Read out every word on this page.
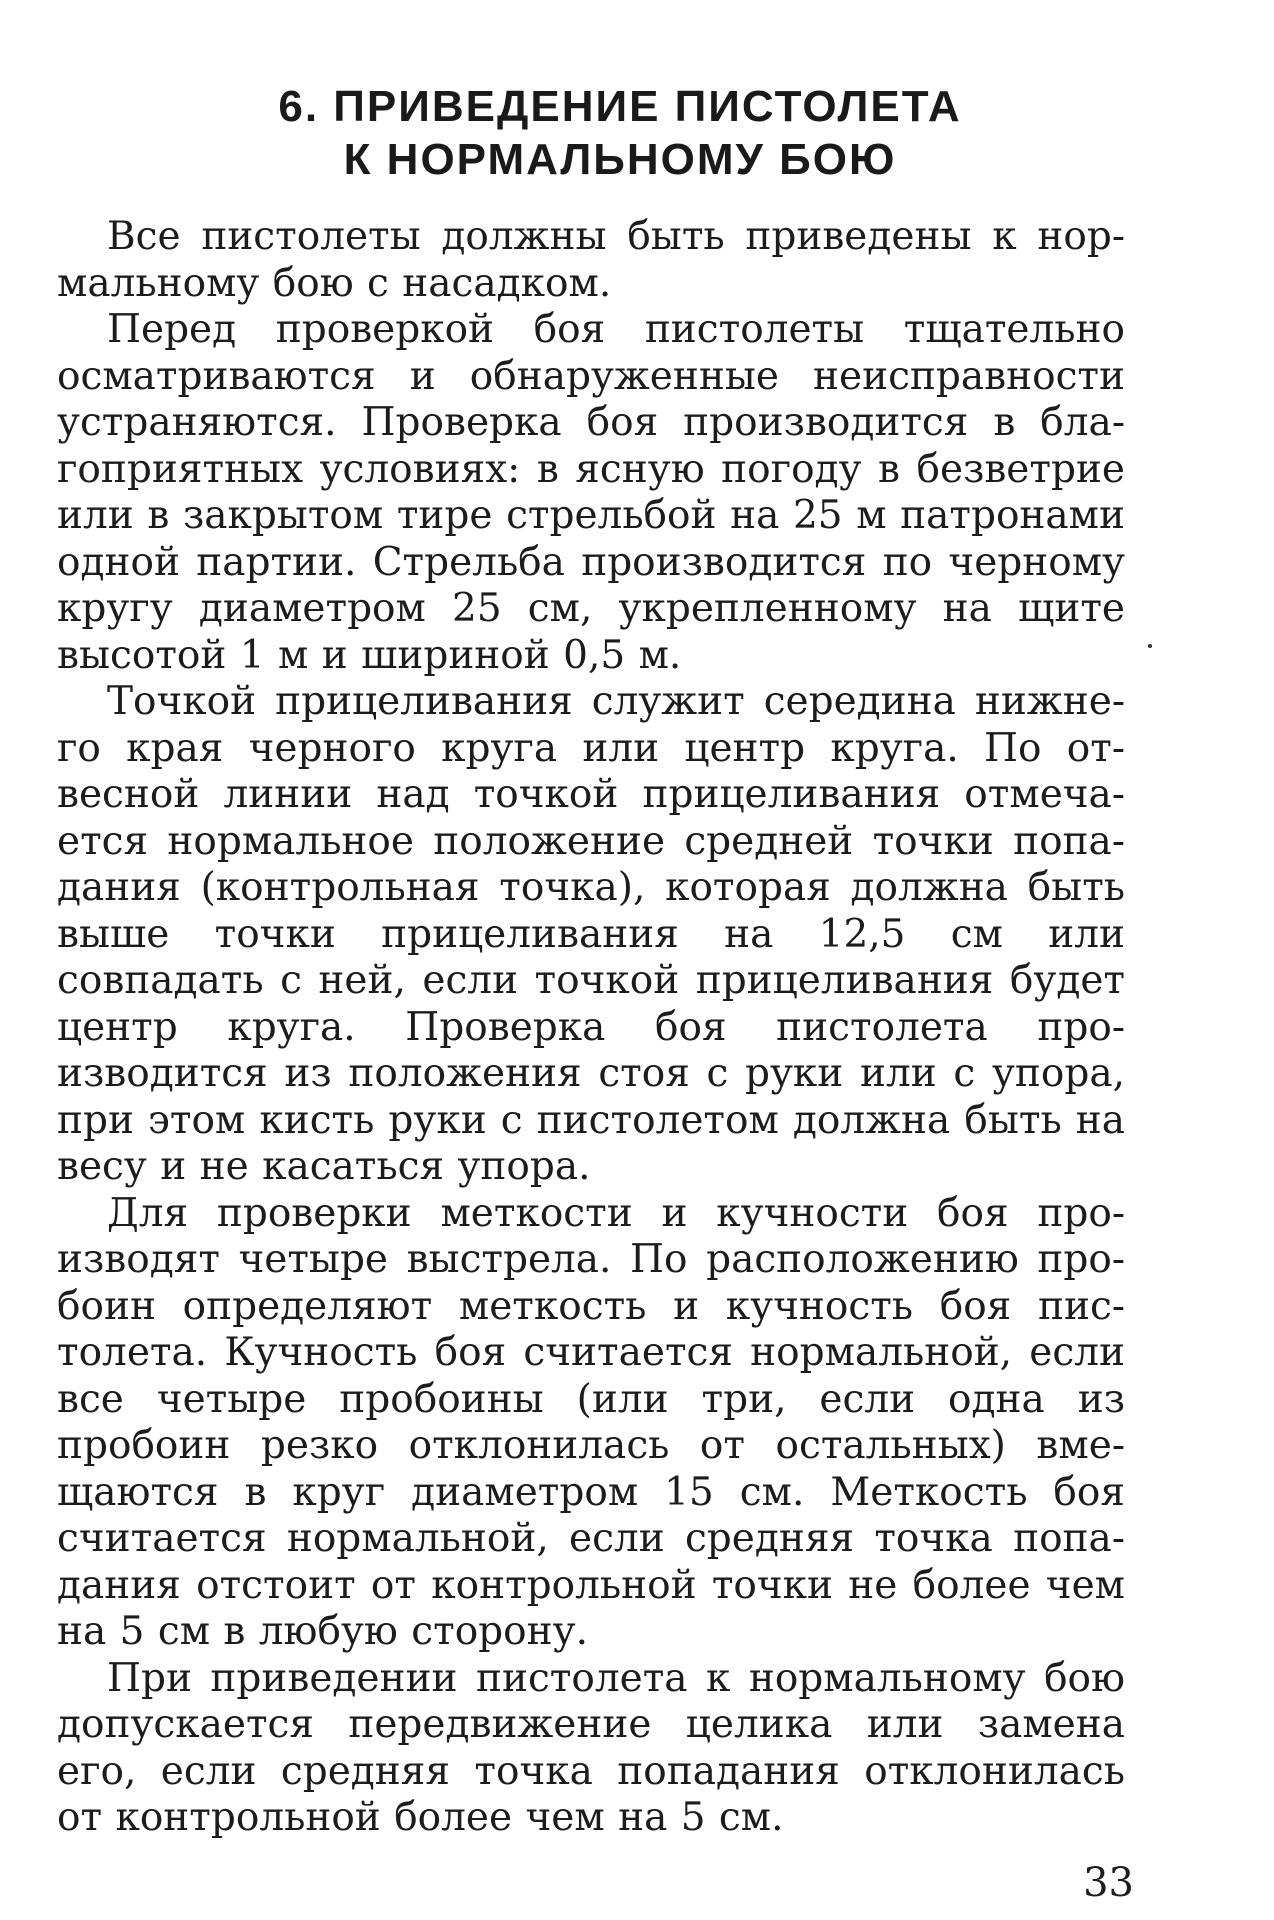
6. ПРИВЕДЕНИЕ ПИСТОЛЕТА
К НОРМАЛЬНОМУ БОЮ

Все пистолеты должны быть приведены к нормальному бою с насадком.

Перед проверкой боя пистолеты тщательно осматриваются и обнаруженные неисправности устраняются. Проверка боя производится в благоприятных условиях: в ясную погоду в безветрие или в закрытом тире стрельбой на 25 м патронами одной партии. Стрельба производится по черному кругу диаметром 25 см, укрепленному на щите высотой 1 м и шириной 0,5 м.

Точкой прицеливания служит середина нижнего края черного круга или центр круга. По отвесной линии над точкой прицеливания отмечается нормальное положение средней точки попадания (контрольная точка), которая должна быть выше точки прицеливания на 12,5 см или совпадать с ней, если точкой прицеливания будет центр круга. Проверка боя пистолета производится из положения стоя с руки или с упора, при этом кисть руки с пистолетом должна быть на весу и не касаться упора.

Для проверки меткости и кучности боя производят четыре выстрела. По расположению пробоин определяют меткость и кучность боя пистолета. Кучность боя считается нормальной, если все четыре пробоины (или три, если одна из пробоин резко отклонилась от остальных) вмещаются в круг диаметром 15 см. Меткость боя считается нормальной, если средняя точка попадания отстоит от контрольной точки не более чем на 5 см в любую сторону.

При приведении пистолета к нормальному бою допускается передвижение целика или замена его, если средняя точка попадания отклонилась от контрольной более чем на 5 см.

33
